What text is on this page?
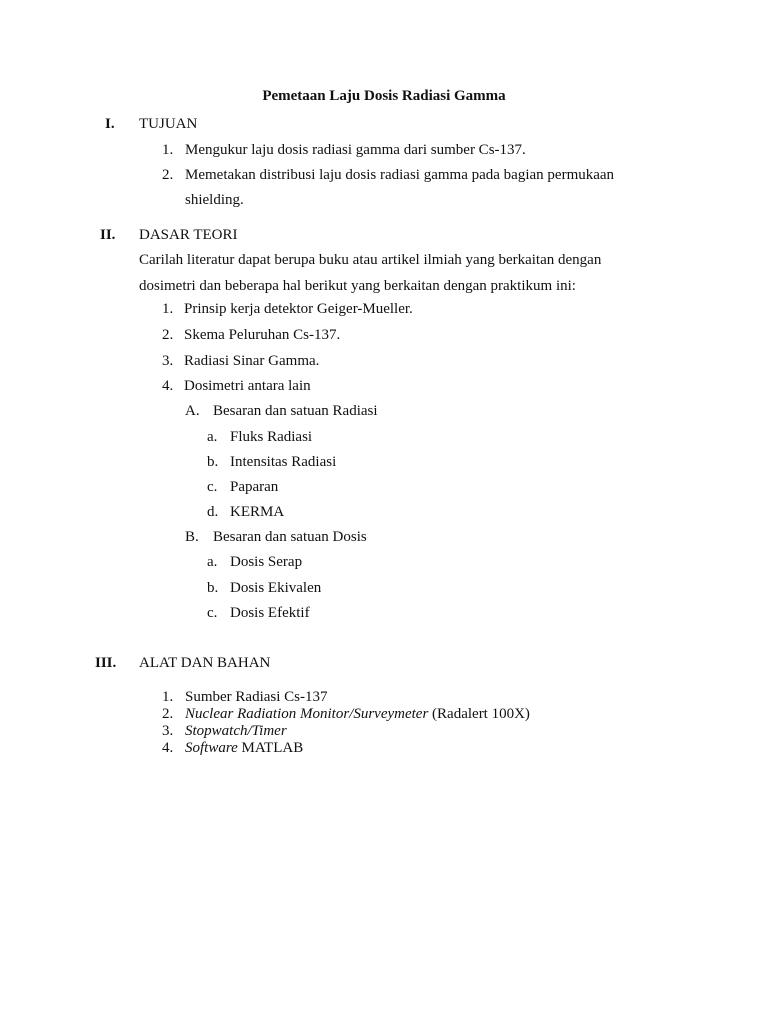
Pemetaan Laju Dosis Radiasi Gamma
I. TUJUAN
1. Mengukur laju dosis radiasi gamma dari sumber Cs-137.
2. Memetakan distribusi laju dosis radiasi gamma pada bagian permukaan
shielding.
II. DASAR TEORI
Carilah literatur dapat berupa buku atau artikel ilmiah yang berkaitan dengan
dosimetri dan beberapa hal berikut yang berkaitan dengan praktikum ini:
1. Prinsip kerja detektor Geiger-Mueller.
2. Skema Peluruhan Cs-137.
3. Radiasi Sinar Gamma.
4. Dosimetri antara lain
A. Besaran dan satuan Radiasi
a. Fluks Radiasi
b. Intensitas Radiasi
c. Paparan
d. KERMA
B. Besaran dan satuan Dosis
a. Dosis Serap
b. Dosis Ekivalen
c. Dosis Efektif
III. ALAT DAN BAHAN
1. Sumber Radiasi Cs-137
2. Nuclear Radiation Monitor/Surveymeter (Radalert 100X)
3. Stopwatch/Timer
4. Software MATLAB
